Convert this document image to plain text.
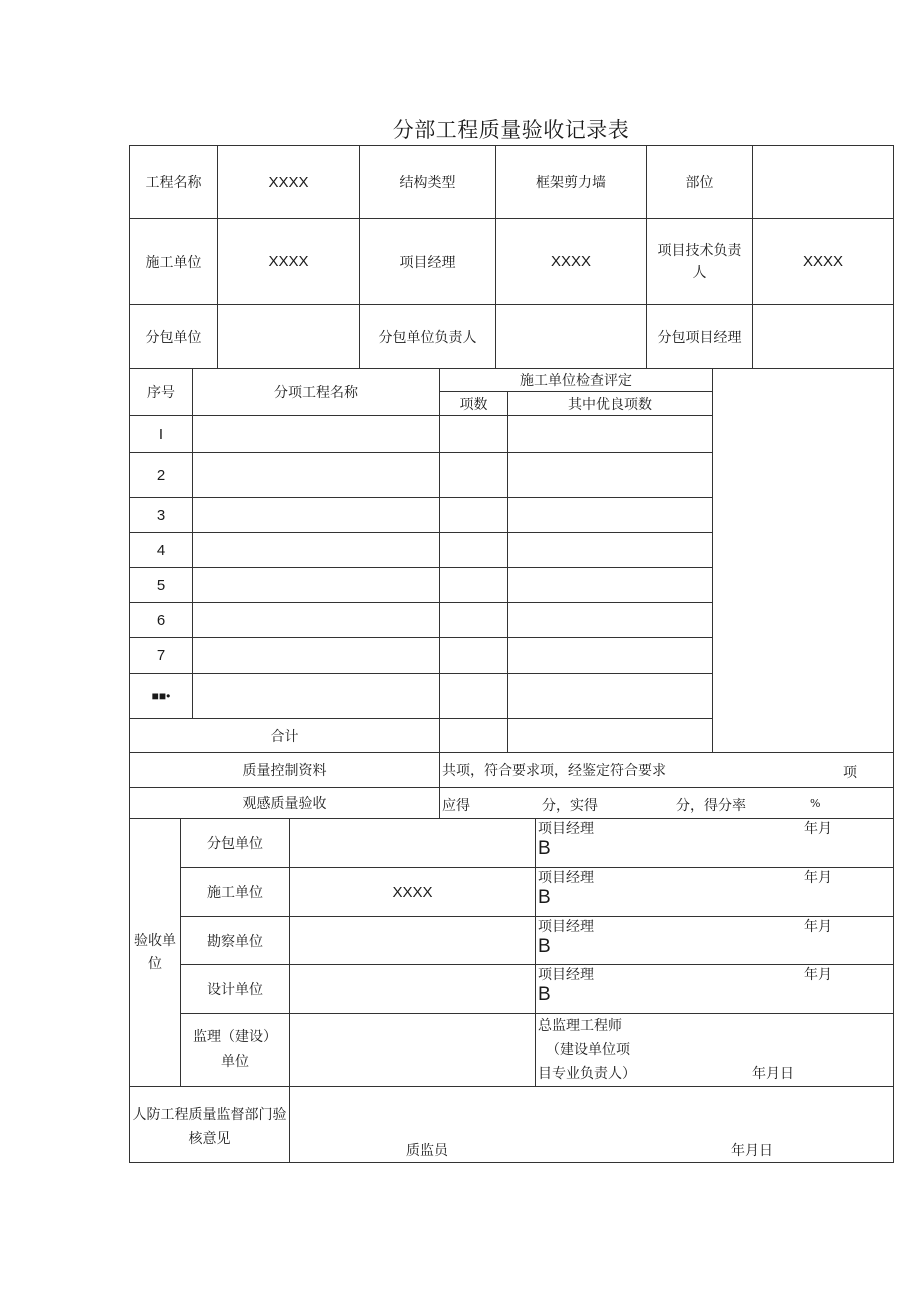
分部工程质量验收记录表
工程名称	XXXX	结构类型	框架剪力墙	部位	
施工单位	XXXX	项目经理	XXXX	项目技术负责人	XXXX
分包单位		分包单位负责人		分包项目经理	
序号	分项工程名称	施工单位检查评定		
		项数	其中优良项数	
I				
2				
3				
4				
5				
6				
7				
■■•				
合计				
质量控制资料	共项，符合要求项，经鉴定符合要求 项

观感质量验收	应得 分，实得 分，得分率 %
验收单位	分包单位		项目经理
B
年月

	施工单位	XXXX	项目经理
B
年月

	勘察单位		项目经理
B
年月

	设计单位		项目经理
B
年月

	监理（建设）单位		总监理工程师
（建设单位项
目专业负责人） 年月日
人防工程质量监督部门验核意见

质监员	年月日
